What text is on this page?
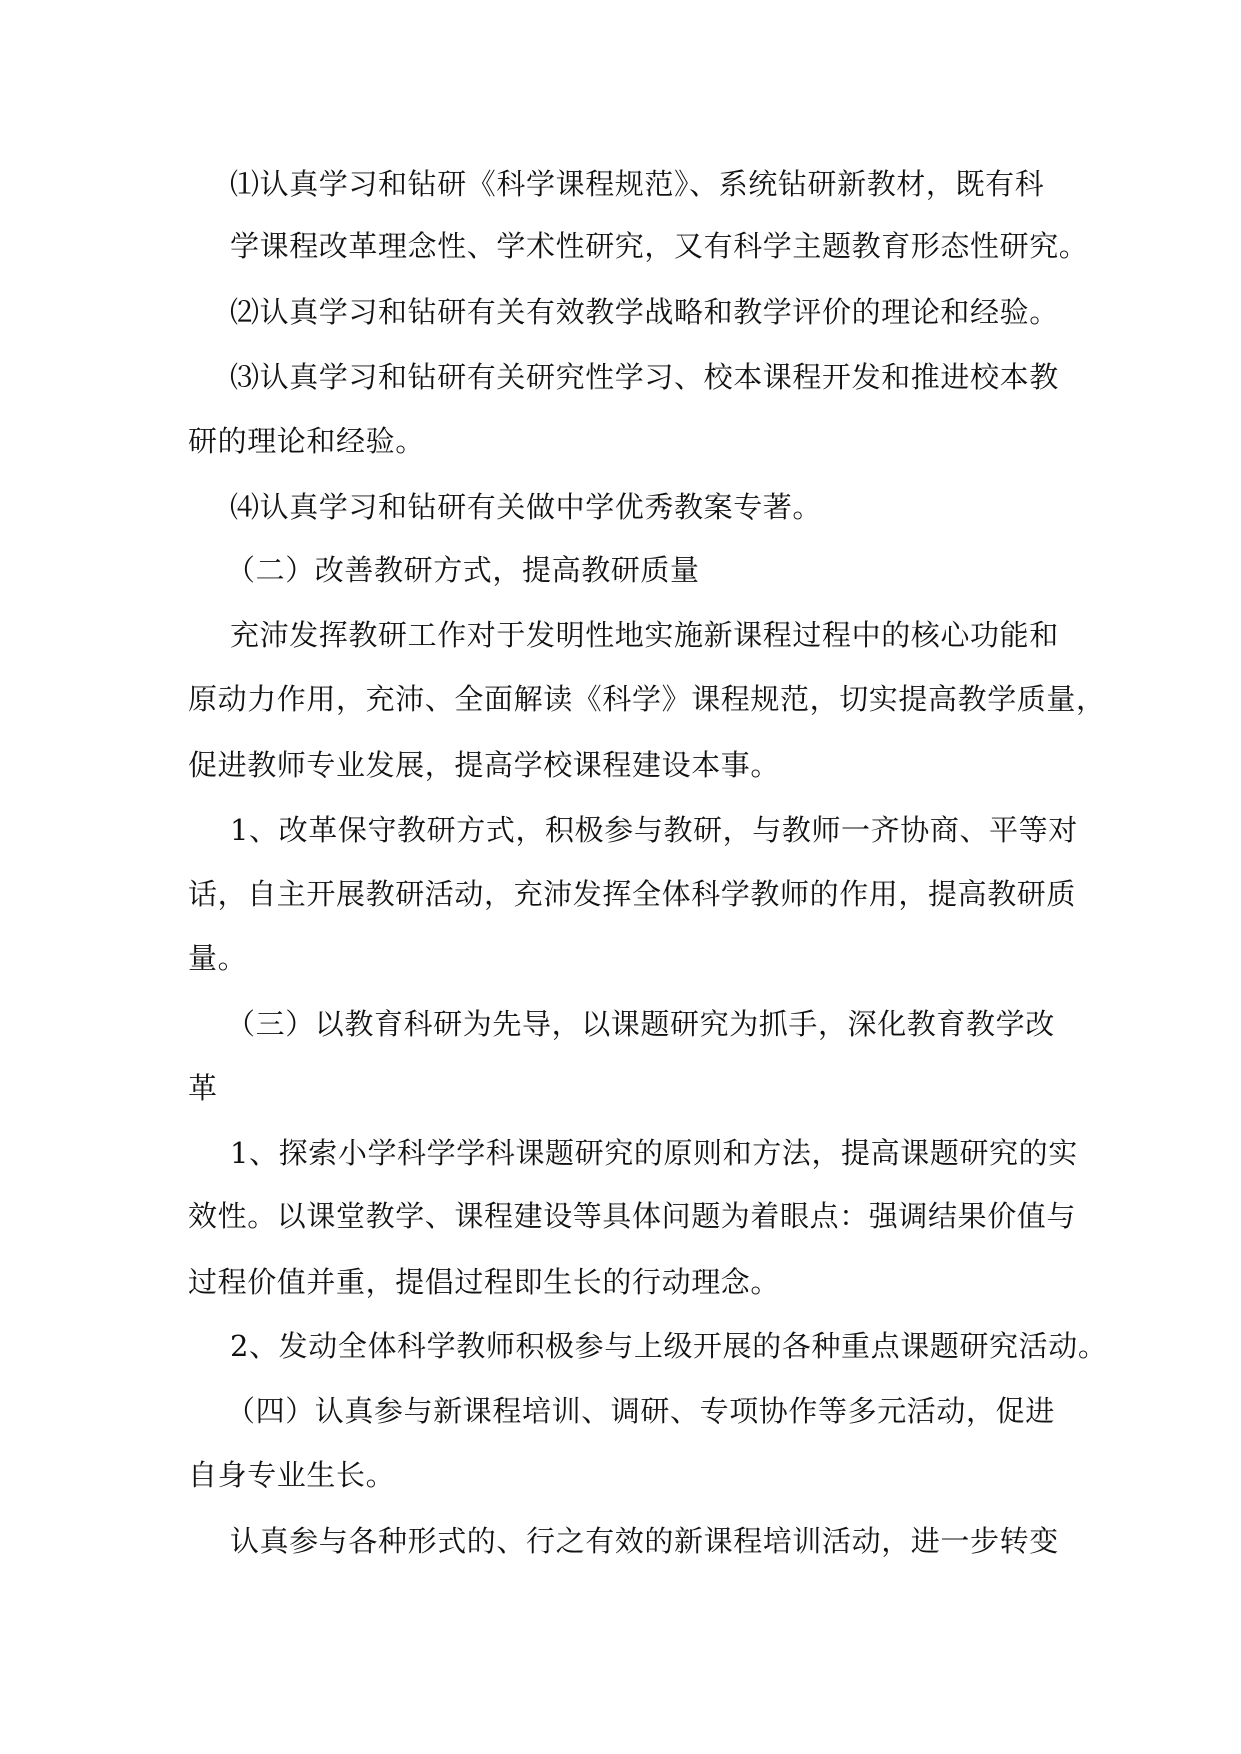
⑴认真学习和钻研《科学课程规范》、系统钻研新教材，既有科
学课程改革理念性、学术性研究，又有科学主题教育形态性研究。
⑵认真学习和钻研有关有效教学战略和教学评价的理论和经验。
⑶认真学习和钻研有关研究性学习、校本课程开发和推进校本教
研的理论和经验。
⑷认真学习和钻研有关做中学优秀教案专著。
（二）改善教研方式，提高教研质量
充沛发挥教研工作对于发明性地实施新课程过程中的核心功能和
原动力作用，充沛、全面解读《科学》课程规范，切实提高教学质量，
促进教师专业发展，提高学校课程建设本事。
1、改革保守教研方式，积极参与教研，与教师一齐协商、平等对
话，自主开展教研活动，充沛发挥全体科学教师的作用，提高教研质
量。
（三）以教育科研为先导，以课题研究为抓手，深化教育教学改
革
1、探索小学科学学科课题研究的原则和方法，提高课题研究的实
效性。以课堂教学、课程建设等具体问题为着眼点：强调结果价值与
过程价值并重，提倡过程即生长的行动理念。
2、发动全体科学教师积极参与上级开展的各种重点课题研究活动。
（四）认真参与新课程培训、调研、专项协作等多元活动，促进
自身专业生长。
认真参与各种形式的、行之有效的新课程培训活动，进一步转变
